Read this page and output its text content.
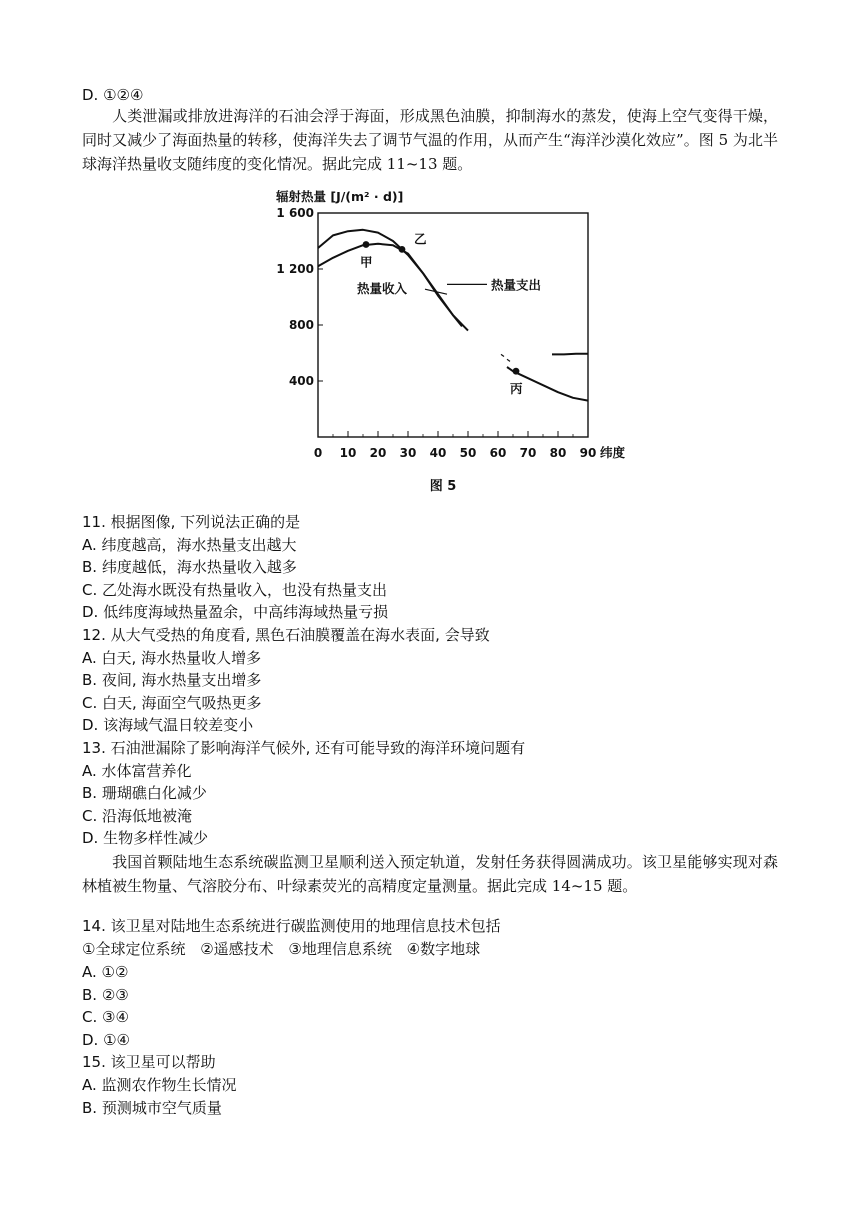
D. ①②④
人类泄漏或排放进海洋的石油会浮于海面，形成黑色油膜，抑制海水的蒸发，使海上空气变得干燥，同时又减少了海面热量的转移，使海洋失去了调节气温的作用，从而产生“海洋沙漠化效应”。图 5 为北半球海洋热量收支随纬度的变化情况。据此完成 11~13 题。
辐射热量 [J/(m² · d)]
400
800
1 200
1 600
0 10 20 30 40 50 60 70 80 90 纬度
甲
乙
丙
热量支出
热量收入
图 5
11. 根据图像, 下列说法正确的是
A. 纬度越高，海水热量支出越大
B. 纬度越低，海水热量收入越多
C. 乙处海水既没有热量收入，也没有热量支出
D. 低纬度海域热量盈余，中高纬海域热量亏损
12. 从大气受热的角度看, 黑色石油膜覆盖在海水表面, 会导致
A. 白天, 海水热量收人增多
B. 夜间, 海水热量支出增多
C. 白天, 海面空气吸热更多
D. 该海域气温日较差变小
13. 石油泄漏除了影响海洋气候外, 还有可能导致的海洋环境问题有
A. 水体富营养化
B. 珊瑚礁白化减少
C. 沿海低地被淹
D. 生物多样性减少
我国首颗陆地生态系统碳监测卫星顺利送入预定轨道，发射任务获得圆满成功。该卫星能够实现对森林植被生物量、气溶胶分布、叶绿素荧光的高精度定量测量。据此完成 14~15 题。
14. 该卫星对陆地生态系统进行碳监测使用的地理信息技术包括
①全球定位系统 ②遥感技术 ③地理信息系统 ④数字地球
A. ①②
B. ②③
C. ③④
D. ①④
15. 该卫星可以帮助
A. 监测农作物生长情况
B. 预测城市空气质量
